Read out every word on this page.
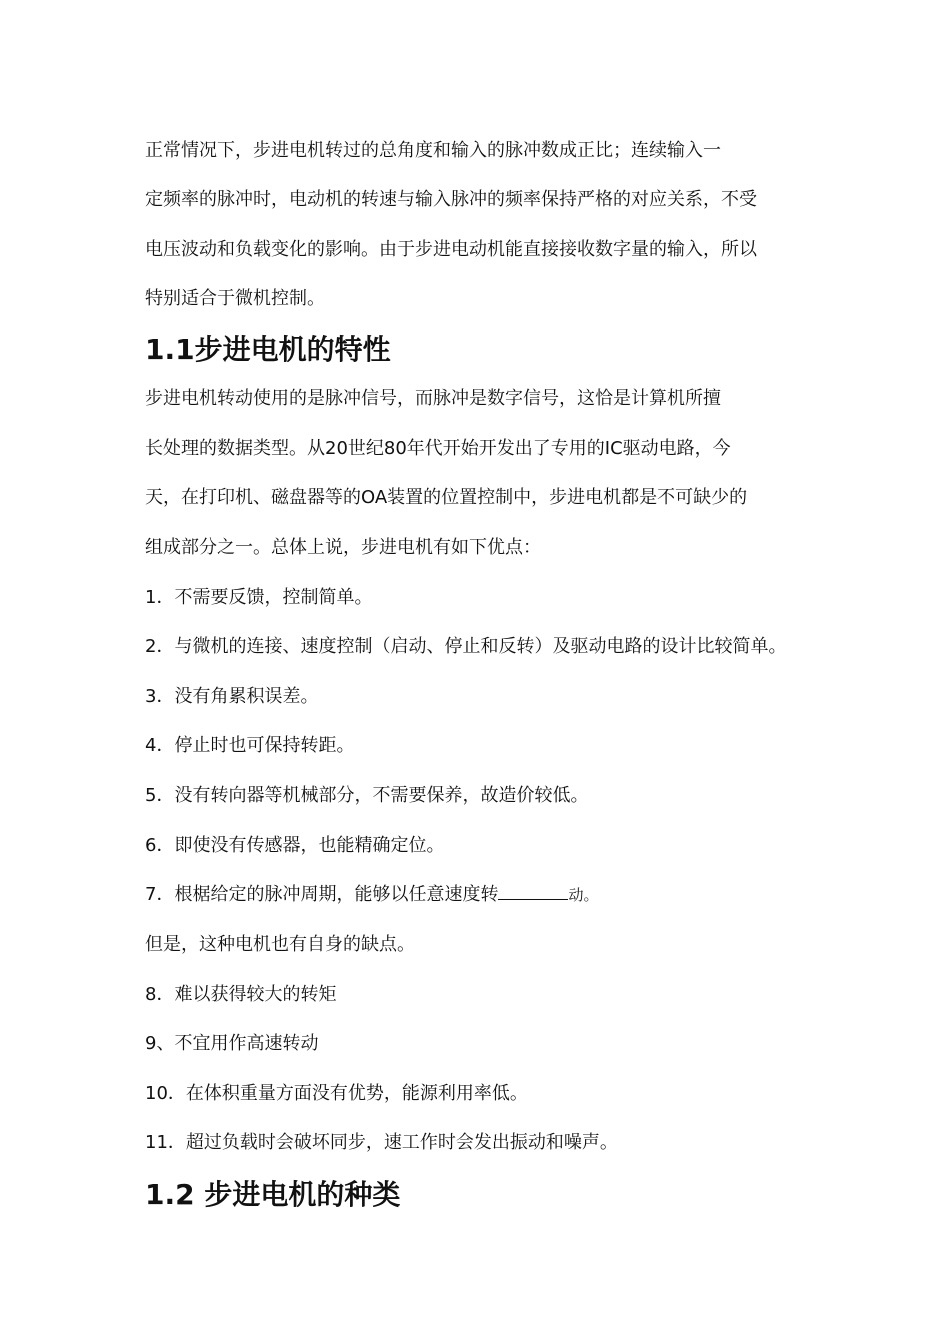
正常情况下，步进电机转过的总角度和输入的脉冲数成正比；连续输入一
定频率的脉冲时，电动机的转速与输入脉冲的频率保持严格的对应关系，不受
电压波动和负载变化的影响。由于步进电动机能直接接收数字量的输入，所以
特别适合于微机控制。
1.1步进电机的特性
步进电机转动使用的是脉冲信号，而脉冲是数字信号，这恰是计算机所擅
长处理的数据类型。从20世纪80年代开始开发出了专用的IC驱动电路，今
天，在打印机、磁盘器等的OA装置的位置控制中，步进电机都是不可缺少的
组成部分之一。总体上说，步进电机有如下优点：
1．不需要反馈，控制简单。
2．与微机的连接、速度控制（启动、停止和反转）及驱动电路的设计比较简单。
3．没有角累积误差。
4．停止时也可保持转距。
5．没有转向器等机械部分，不需要保养，故造价较低。
6．即使没有传感器，也能精确定位。
7．根椐给定的脉冲周期，能够以任意速度转	动。
但是，这种电机也有自身的缺点。
8．难以获得较大的转矩
9、不宜用作高速转动
10．在体积重量方面没有优势，能源利用率低。
11．超过负载时会破坏同步，速工作时会发出振动和噪声。
1.2 步进电机的种类
